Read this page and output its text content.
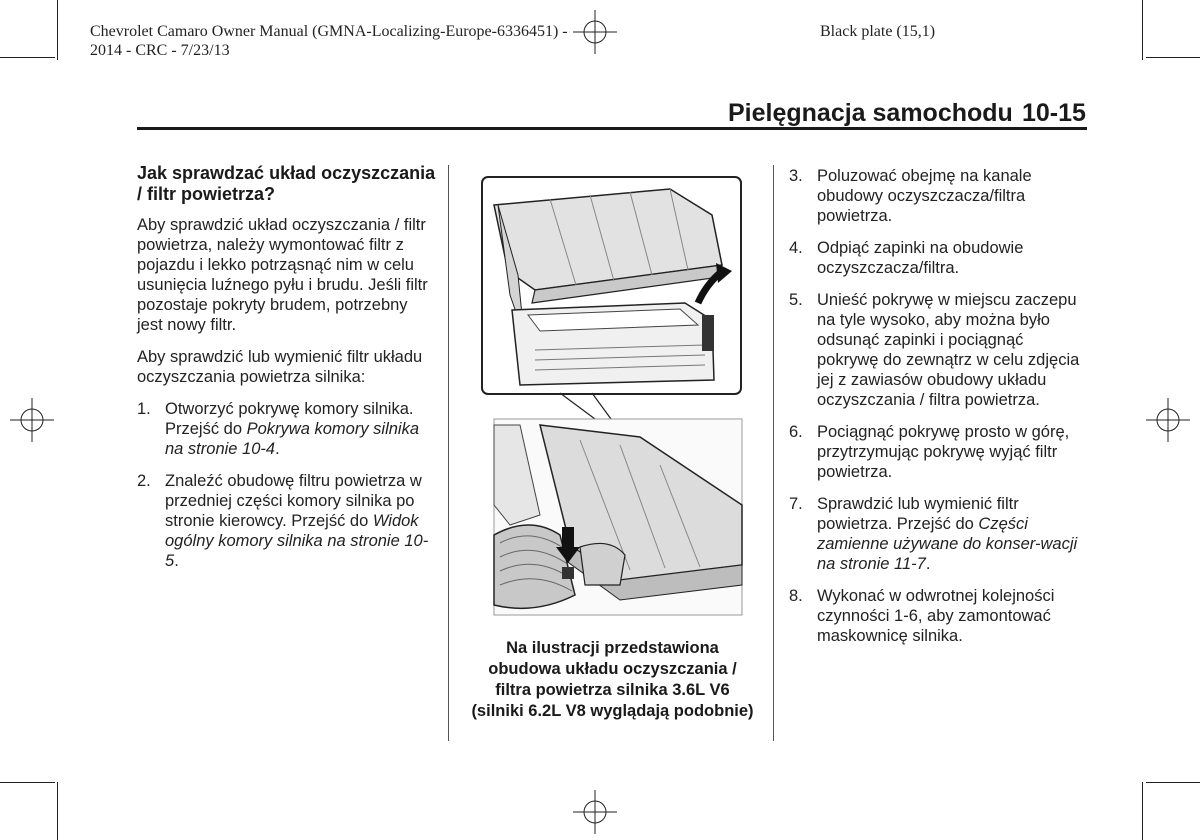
Chevrolet Camaro Owner Manual (GMNA-Localizing-Europe-6336451) -
2014 - CRC - 7/23/13
Black plate (15,1)
Pielęgnacja samochodu 10-15
Jak sprawdzać układ oczyszczania / filtr powietrza?

Aby sprawdzić układ oczyszczania / filtr powietrza, należy wymontować filtr z pojazdu i lekko potrząsnąć nim w celu usunięcia luźnego pyłu i brudu. Jeśli filtr pozostaje pokryty brudem, potrzebny jest nowy filtr.

Aby sprawdzić lub wymienić filtr układu oczyszczania powietrza silnika:

1. Otworzyć pokrywę komory silnika. Przejść do Pokrywa komory silnika na stronie 10-4.
2. Znaleźć obudowę filtru powietrza w przedniej części komory silnika po stronie kierowcy. Przejść do Widok ogólny komory silnika na stronie 10-5.
Na ilustracji przedstawiona obudowa układu oczyszczania / filtra powietrza silnika 3.6L V6 (silniki 6.2L V8 wyglądają podobnie)
3. Poluzować obejmę na kanale obudowy oczyszczacza/filtra powietrza.
4. Odpiąć zapinki na obudowie oczyszczacza/filtra.
5. Unieść pokrywę w miejscu zaczepu na tyle wysoko, aby można było odsunąć zapinki i pociągnąć pokrywę do zewnątrz w celu zdjęcia jej z zawiasów obudowy układu oczyszczania / filtra powietrza.
6. Pociągnąć pokrywę prosto w górę, przytrzymując pokrywę wyjąć filtr powietrza.
7. Sprawdzić lub wymienić filtr powietrza. Przejść do Części zamienne używane do konser-wacji na stronie 11-7.
8. Wykonać w odwrotnej kolejności czynności 1-6, aby zamontować maskownicę silnika.
